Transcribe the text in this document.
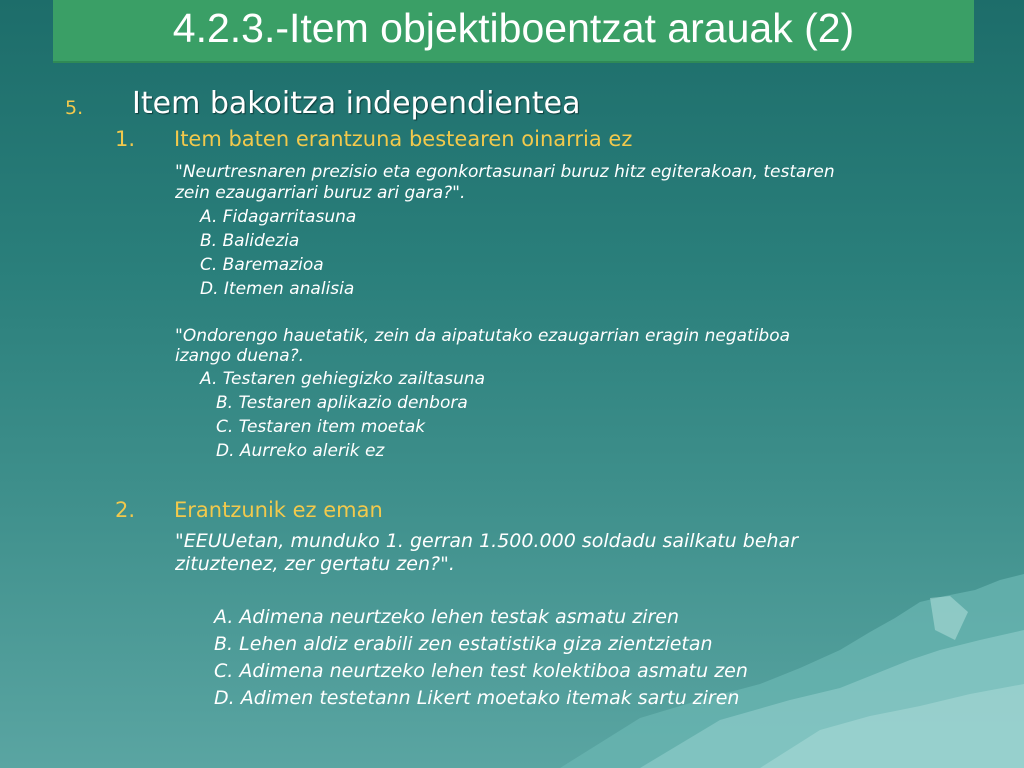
4.2.3.-Item objektiboentzat arauak (2)
5. Item bakoitza independientea
1. Item baten erantzuna bestearen oinarria ez
"Neurtresnaren prezisio eta egonkortasunari buruz hitz egiterakoan, testaren
zein ezaugarriari buruz ari gara?".
A. Fidagarritasuna
B. Balidezia
C. Baremazioa
D. Itemen analisia
"Ondorengo hauetatik, zein da aipatutako ezaugarrian eragin negatiboa
izango duena?.
A. Testaren gehiegizko zailtasuna
B. Testaren aplikazio denbora
C. Testaren item moetak
D. Aurreko alerik ez
2. Erantzunik ez eman
"EEUUetan, munduko 1. gerran 1.500.000 soldadu sailkatu behar
zituztenez, zer gertatu zen?".
A. Adimena neurtzeko lehen testak asmatu ziren
B. Lehen aldiz erabili zen estatistika giza zientzietan
C. Adimena neurtzeko lehen test kolektiboa asmatu zen
D. Adimen testetann Likert moetako itemak sartu ziren
